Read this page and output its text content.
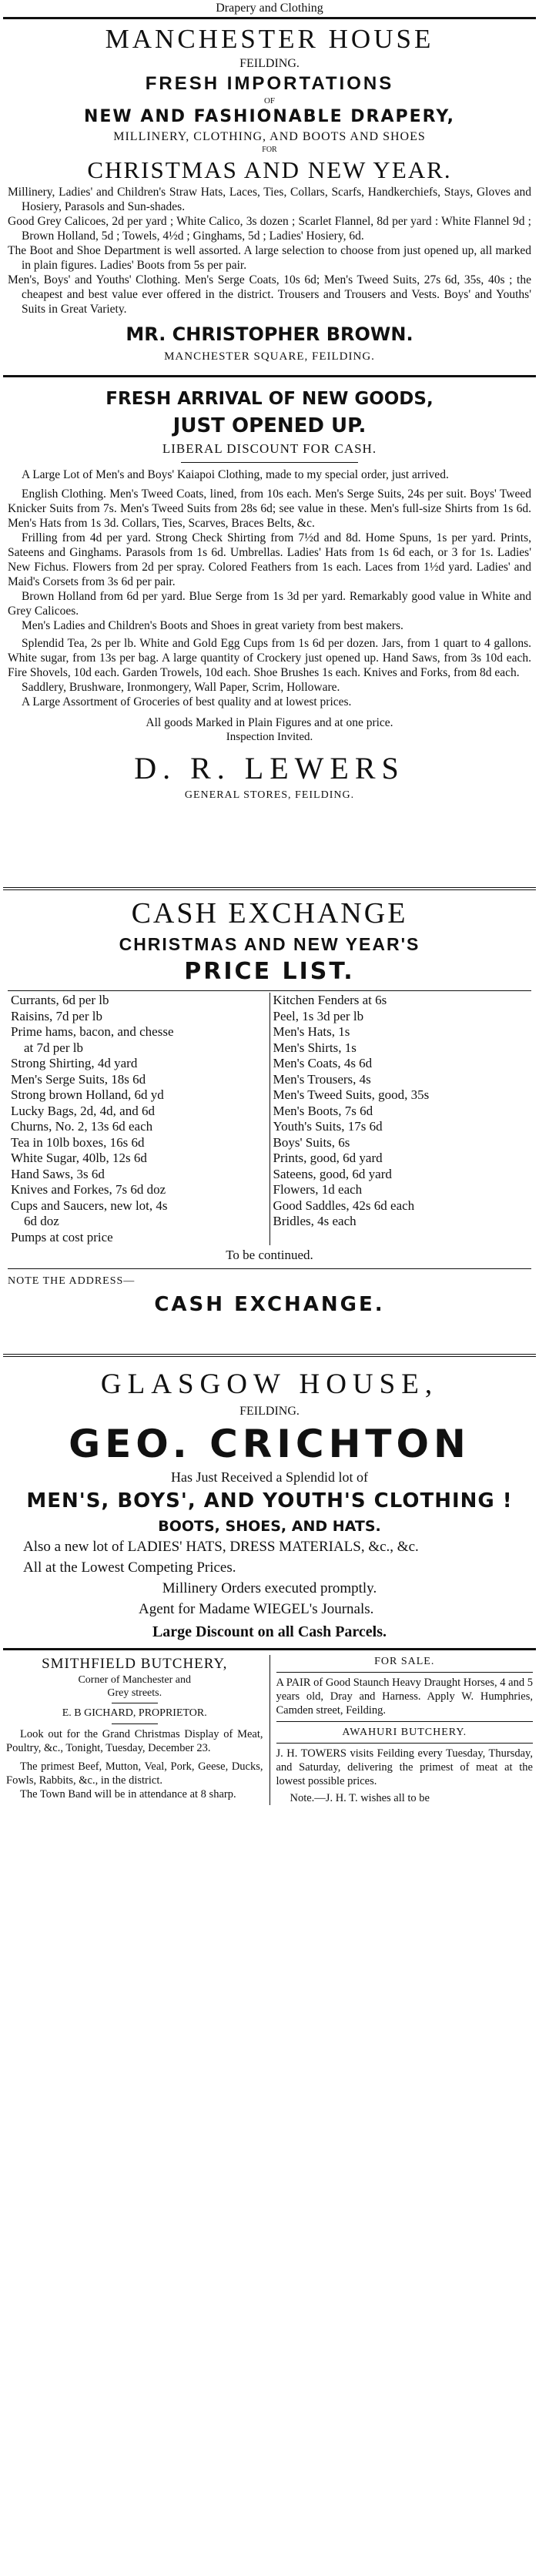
Drapery and Clothing
MANCHESTER HOUSE
FEILDING.
FRESH IMPORTATIONS
OF
NEW AND FASHIONABLE DRAPERY,
MILLINERY, CLOTHING, AND BOOTS AND SHOES
FOR
CHRISTMAS AND NEW YEAR.

Millinery, Ladies' and Children's Straw Hats, Laces, Ties, Collars, Scarfs, Handkerchiefs, Stays, Gloves and Hosiery, Parasols and Sun-shades.

Good Grey Calicoes, 2d per yard ; White Calico, 3s dozen ; Scarlet Flannel, 8d per yard : White Flannel 9d ; Brown Holland, 5d ; Towels, 4½d ; Ginghams, 5d ; Ladies' Hosiery, 6d.

The Boot and Shoe Department is well assorted. A large selection to choose from just opened up, all marked in plain figures. Ladies' Boots from 5s per pair.

Men's, Boys' and Youths' Clothing. Men's Serge Coats, 10s 6d; Men's Tweed Suits, 27s 6d, 35s, 40s ; the cheapest and best value ever offered in the district. Trousers and Trousers and Vests. Boys' and Youths' Suits in Great Variety.

MR. CHRISTOPHER BROWN.
MANCHESTER SQUARE, FEILDING.
FRESH ARRIVAL OF NEW GOODS,
JUST OPENED UP.
LIBERAL DISCOUNT FOR CASH.

A Large Lot of Men's and Boys' Kaiapoi Clothing, made to my special order, just arrived.

English Clothing. Men's Tweed Coats, lined, from 10s each. Men's Serge Suits, 24s per suit. Boys' Tweed Knicker Suits from 7s. Men's Tweed Suits from 28s 6d; see value in these. Men's full-size Shirts from 1s 6d. Men's Hats from 1s 3d. Collars, Ties, Scarves, Braces Belts, &c.

Frilling from 4d per yard. Strong Check Shirting from 7½d and 8d. Home Spuns, 1s per yard. Prints, Sateens and Ginghams. Parasols from 1s 6d. Umbrellas. Ladies' Hats from 1s 6d each, or 3 for 1s. Ladies' New Fichus. Flowers from 2d per spray. Colored Feathers from 1s each. Laces from 1½d yard. Ladies' and Maid's Corsets from 3s 6d per pair.

Brown Holland from 6d per yard. Blue Serge from 1s 3d per yard. Remarkably good value in White and Grey Calicoes.

Men's Ladies and Children's Boots and Shoes in great variety from best makers.

Splendid Tea, 2s per lb. White and Gold Egg Cups from 1s 6d per dozen. Jars, from 1 quart to 4 gallons. White sugar, from 13s per bag. A large quantity of Crockery just opened up. Hand Saws, from 3s 10d each. Fire Shovels, 10d each. Garden Trowels, 10d each. Shoe Brushes 1s each. Knives and Forks, from 8d each.

Saddlery, Brushware, Ironmongery, Wall Paper, Scrim, Holloware.

A Large Assortment of Groceries of best quality and at lowest prices.

All goods Marked in Plain Figures and at one price.
Inspection Invited.
D. R. LEWERS
GENERAL STORES, FEILDING.
CASH EXCHANGE
CHRISTMAS AND NEW YEAR'S
PRICE LIST.
Currants, 6d per lb	Kitchen Fenders at 6s
Raisins, 7d per lb	Peel, 1s 3d per lb
Prime hams, bacon, and chesse	Men's Hats, 1s
at 7d per lb	Men's Shirts, 1s
Strong Shirting, 4d yard	Men's Coats, 4s 6d
Men's Serge Suits, 18s 6d	Men's Trousers, 4s
Strong brown Holland, 6d yd	Men's Tweed Suits, good, 35s
Lucky Bags, 2d, 4d, and 6d	Men's Boots, 7s 6d
Churns, No. 2, 13s 6d each	Youth's Suits, 17s 6d
Tea in 10lb boxes, 16s 6d	Boys' Suits, 6s
White Sugar, 40lb, 12s 6d	Prints, good, 6d yard
Hand Saws, 3s 6d	Sateens, good, 6d yard
Knives and Forkes, 7s 6d doz	Flowers, 1d each
Cups and Saucers, new lot, 4s	Good Saddles, 42s 6d each
6d doz	Bridles, 4s each
Pumps at cost price	
To be continued.
NOTE THE ADDRESS—
CASH EXCHANGE.
GLASGOW HOUSE,
FEILDING.
GEO. CRICHTON
Has Just Received a Splendid lot of
MEN'S, BOYS', AND YOUTH'S CLOTHING !
BOOTS, SHOES, AND HATS.
Also a new lot of LADIES' HATS, DRESS MATERIALS, &c., &c.
All at the Lowest Competing Prices.
Millinery Orders executed promptly.
Agent for Madame WIEGEL's Journals.
Large Discount on all Cash Parcels.
SMITHFIELD BUTCHERY,
Corner of Manchester and
Grey streets.
E. B GICHARD, PROPRIETOR.

Look out for the Grand Christmas Display of Meat, Poultry, &c., Tonight, Tuesday, December 23.

The primest Beef, Mutton, Veal, Pork, Geese, Ducks, Fowls, Rabbits, &c., in the district.

The Town Band will be in attendance at 8 sharp.

FOR SALE.

A PAIR of Good Staunch Heavy Draught Horses, 4 and 5 years old, Dray and Harness. Apply W. Humphries, Camden street, Feilding.

AWAHURI BUTCHERY.

J. H. TOWERS visits Feilding every Tuesday, Thursday, and Saturday, delivering the primest of meat at the lowest possible prices.

Note.—J. H. T. wishes all to be
